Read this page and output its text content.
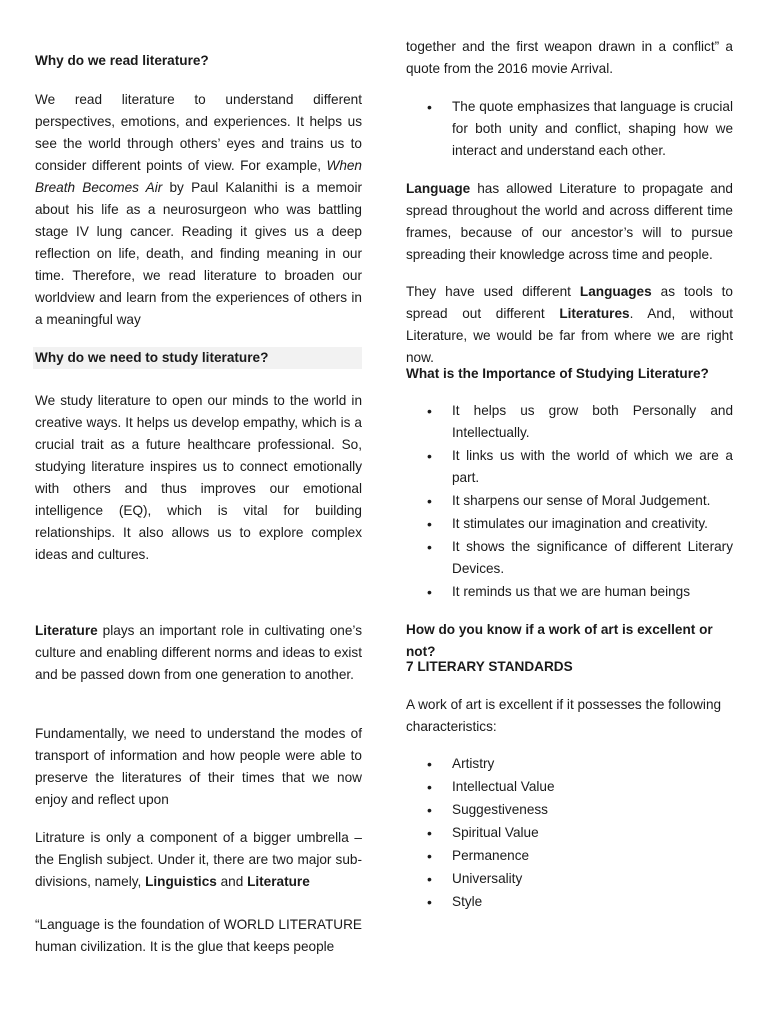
Why do we read literature?

We read literature to understand different perspectives, emotions, and experiences. It helps us see the world through others’ eyes and trains us to consider different points of view. For example, When Breath Becomes Air by Paul Kalanithi is a memoir about his life as a neurosurgeon who was battling stage IV lung cancer. Reading it gives us a deep reflection on life, death, and finding meaning in our time. Therefore, we read literature to broaden our worldview and learn from the experiences of others in a meaningful way

Why do we need to study literature?

We study literature to open our minds to the world in creative ways. It helps us develop empathy, which is a crucial trait as a future healthcare professional. So, studying literature inspires us to connect emotionally with others and thus improves our emotional intelligence (EQ), which is vital for building relationships. It also allows us to explore complex ideas and cultures.

Literature plays an important role in cultivating one’s culture and enabling different norms and ideas to exist and be passed down from one generation to another.

Fundamentally, we need to understand the modes of transport of information and how people were able to preserve the literatures of their times that we now enjoy and reflect upon

Litrature is only a component of a bigger umbrella – the English subject. Under it, there are two major sub-divisions, namely, Linguistics and Literature

“Language is the foundation of WORLD LITERATURE human civilization. It is the glue that keeps people

together and the first weapon drawn in a conflict” a quote from the 2016 movie Arrival.

• The quote emphasizes that language is crucial for both unity and conflict, shaping how we interact and understand each other.

Language has allowed Literature to propagate and spread throughout the world and across different time frames, because of our ancestor’s will to pursue spreading their knowledge across time and people.

They have used different Languages as tools to spread out different Literatures. And, without Literature, we would be far from where we are right now.

What is the Importance of Studying Literature?
• It helps us grow both Personally and Intellectually.
• It links us with the world of which we are a part.
• It sharpens our sense of Moral Judgement.
• It stimulates our imagination and creativity.
• It shows the significance of different Literary Devices.
• It reminds us that we are human beings
How do you know if a work of art is excellent or not?
7 LITERARY STANDARDS

A work of art is excellent if it possesses the following characteristics:

• Artistry
• Intellectual Value
• Suggestiveness
• Spiritual Value
• Permanence
• Universality
• Style
